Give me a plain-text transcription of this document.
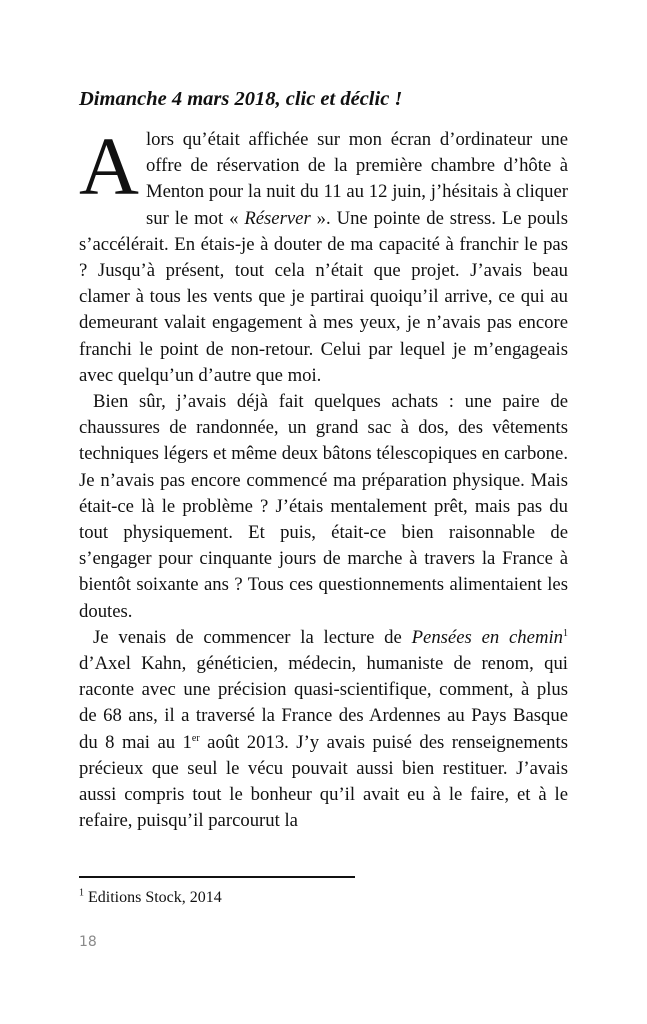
Dimanche 4 mars 2018, clic et déclic !

Alors qu’était affichée sur mon écran d’ordinateur une offre de réservation de la première chambre d’hôte à Menton pour la nuit du 11 au 12 juin, j’hésitais à cliquer sur le mot « Réserver ». Une pointe de stress. Le pouls s’accélérait. En étais-je à douter de ma capacité à franchir le pas ? Jusqu’à présent, tout cela n’était que projet. J’avais beau clamer à tous les vents que je partirai quoiqu’il arrive, ce qui au demeurant valait engagement à mes yeux, je n’avais pas encore franchi le point de non-retour. Celui par lequel je m’engageais avec quelqu’un d’autre que moi.

Bien sûr, j’avais déjà fait quelques achats : une paire de chaussures de randonnée, un grand sac à dos, des vêtements techniques légers et même deux bâtons télescopiques en carbone. Je n’avais pas encore commencé ma préparation physique. Mais était-ce là le problème ? J’étais mentalement prêt, mais pas du tout physiquement. Et puis, était-ce bien raisonnable de s’engager pour cinquante jours de marche à travers la France à bientôt soixante ans ? Tous ces questionnements alimentaient les doutes.

Je venais de commencer la lecture de Pensées en chemin$^1$ d’Axel Kahn, généticien, médecin, humaniste de renom, qui raconte avec une précision quasi-scientifique, comment, à plus de 68 ans, il a traversé la France des Ardennes au Pays Basque du 8 mai au 1er août 2013. J’y avais puisé des renseignements précieux que seul le vécu pouvait aussi bien restituer. J’avais aussi compris tout le bonheur qu’il avait eu à le faire, et à le refaire, puisqu’il parcourut la

$^1$ Editions Stock, 2014
18
